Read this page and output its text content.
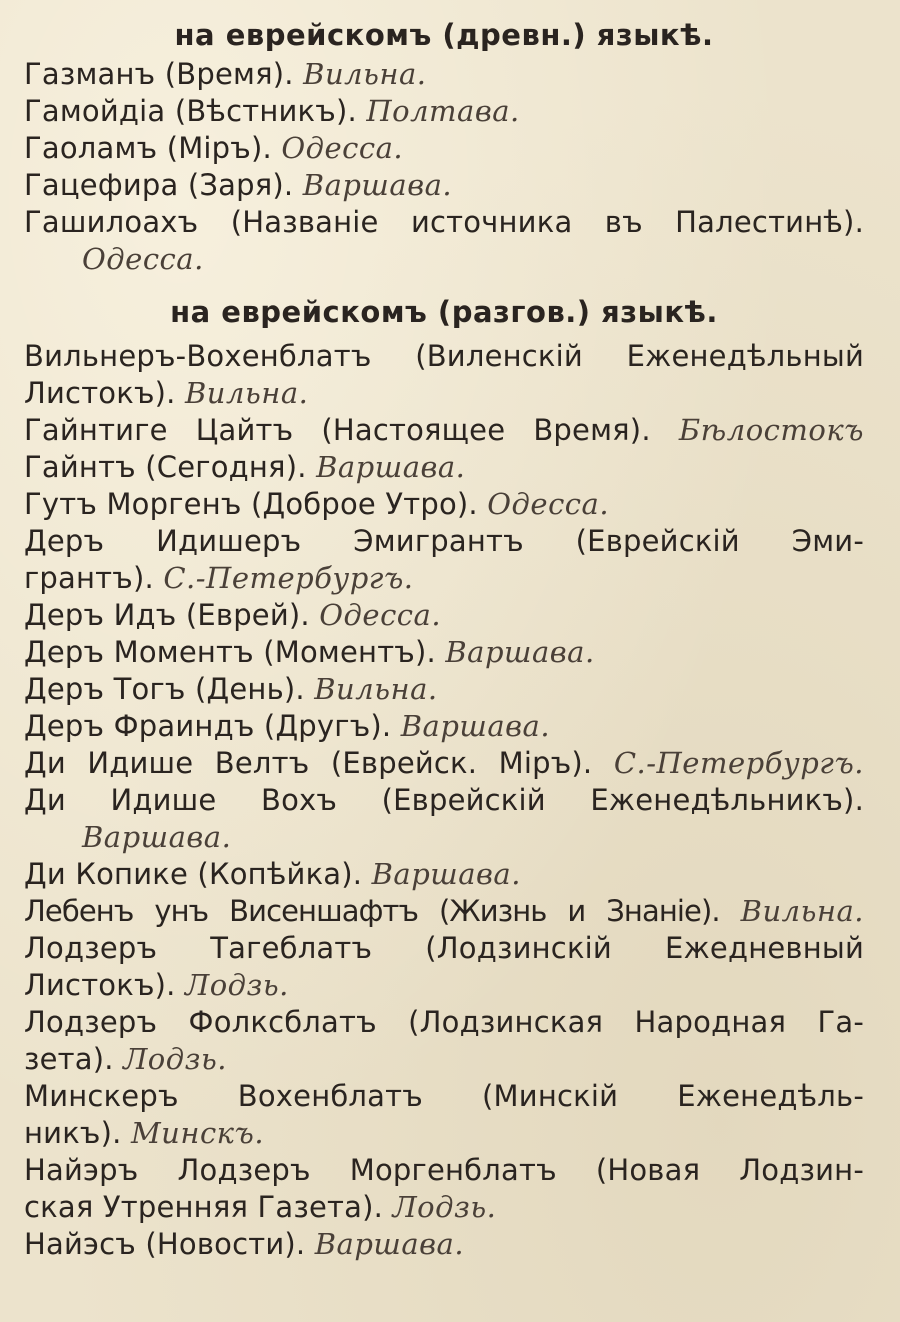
на еврейскомъ (древн.) языкѣ.
Газманъ (Время). Вильна.
Гамойдіа (Вѣстникъ). Полтава.
Гаоламъ (Міръ). Одесса.
Гацефира (Заря). Варшава.
Гашилоахъ (Названіе источника въ Палестинѣ).
Одесса.
на еврейскомъ (разгов.) языкѣ.
Вильнеръ-Вохенблатъ (Виленскій Еженедѣльный
Листокъ). Вильна.
Гайнтиге Цайтъ (Настоящее Время). Бѣлостокъ
Гайнтъ (Сегодня). Варшава.
Гутъ Моргенъ (Доброе Утро). Одесса.
Деръ Идишеръ Эмигрантъ (Еврейскій Эми-
грантъ). С.-Петербургъ.
Деръ Идъ (Еврей). Одесса.
Деръ Моментъ (Моментъ). Варшава.
Деръ Тогъ (День). Вильна.
Деръ Фраиндъ (Другъ). Варшава.
Ди Идише Велтъ (Еврейск. Міръ). С.-Петербургъ.
Ди Идише Вохъ (Еврейскій Еженедѣльникъ).
Варшава.
Ди Копике (Копѣйка). Варшава.
Лебенъ унъ Висеншафтъ (Жизнь и Знаніе). Вильна.
Лодзеръ Тагеблатъ (Лодзинскій Ежедневный
Листокъ). Лодзь.
Лодзеръ Фолксблатъ (Лодзинская Народная Га-
зета). Лодзь.
Минскеръ Вохенблатъ (Минскій Еженедѣль-
никъ). Минскъ.
Найэръ Лодзеръ Моргенблатъ (Новая Лодзин-
ская Утренняя Газета). Лодзь.
Найэсъ (Новости). Варшава.
